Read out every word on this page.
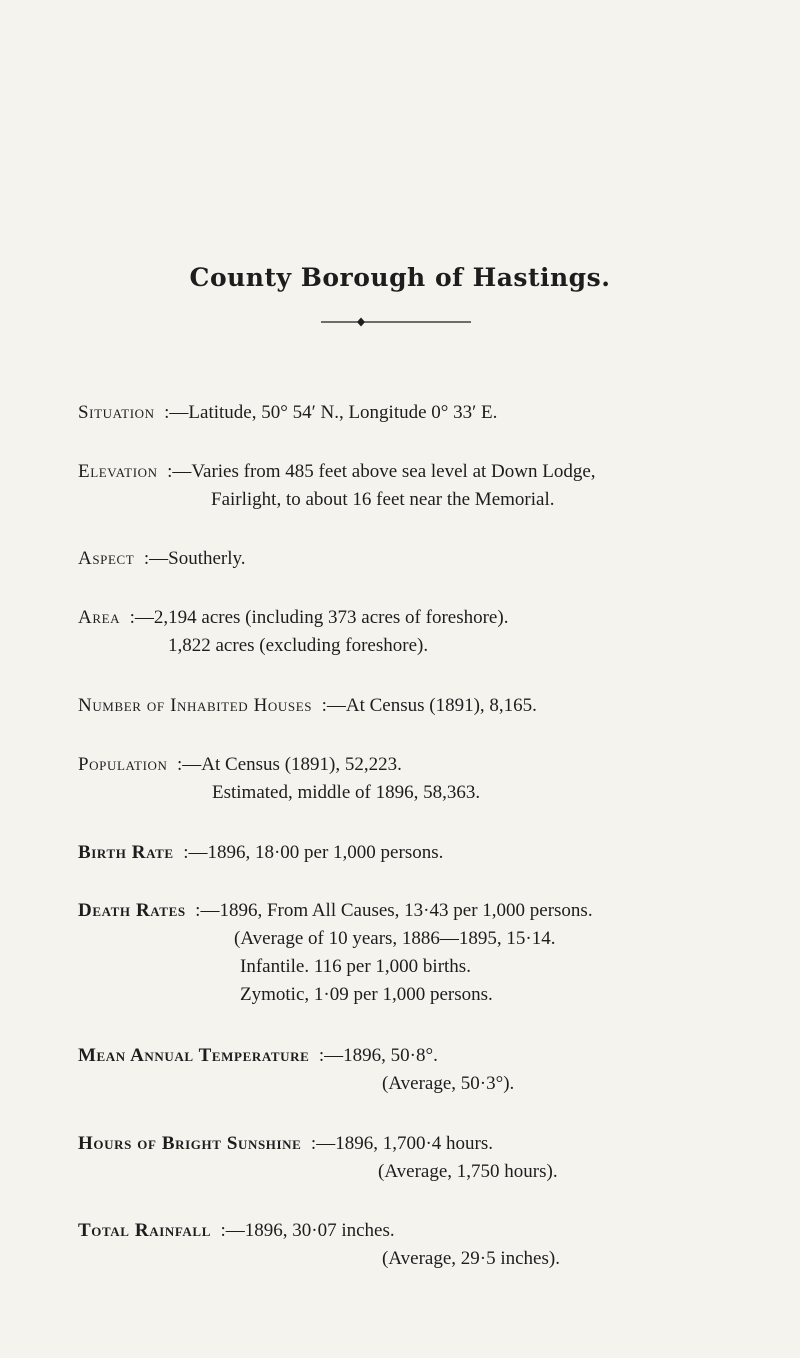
County Borough of Hastings.
Situation  :—Latitude, 50° 54′ N., Longitude 0° 33′ E.
Elevation  :—Varies from 485 feet above sea level at Down Lodge,
Fairlight, to about 16 feet near the Memorial.
Aspect  :—Southerly.
Area  :—2,194 acres (including 373 acres of foreshore).
1,822 acres (excluding foreshore).
Number of Inhabited Houses  :—At Census (1891), 8,165.
Population  :—At Census (1891), 52,223.
Estimated, middle of 1896, 58,363.
Birth Rate  :—1896, 18·00 per 1,000 persons.
Death Rates  :—1896, From All Causes, 13·43 per 1,000 persons.
(Average of 10 years, 1886—1895, 15·14.
Infantile. 116 per 1,000 births.
Zymotic, 1·09 per 1,000 persons.
Mean Annual Temperature  :—1896, 50·8°.
(Average, 50·3°).
Hours of Bright Sunshine  :—1896, 1,700·4 hours.
(Average, 1,750 hours).
Total Rainfall  :—1896, 30·07 inches.
(Average, 29·5 inches).
